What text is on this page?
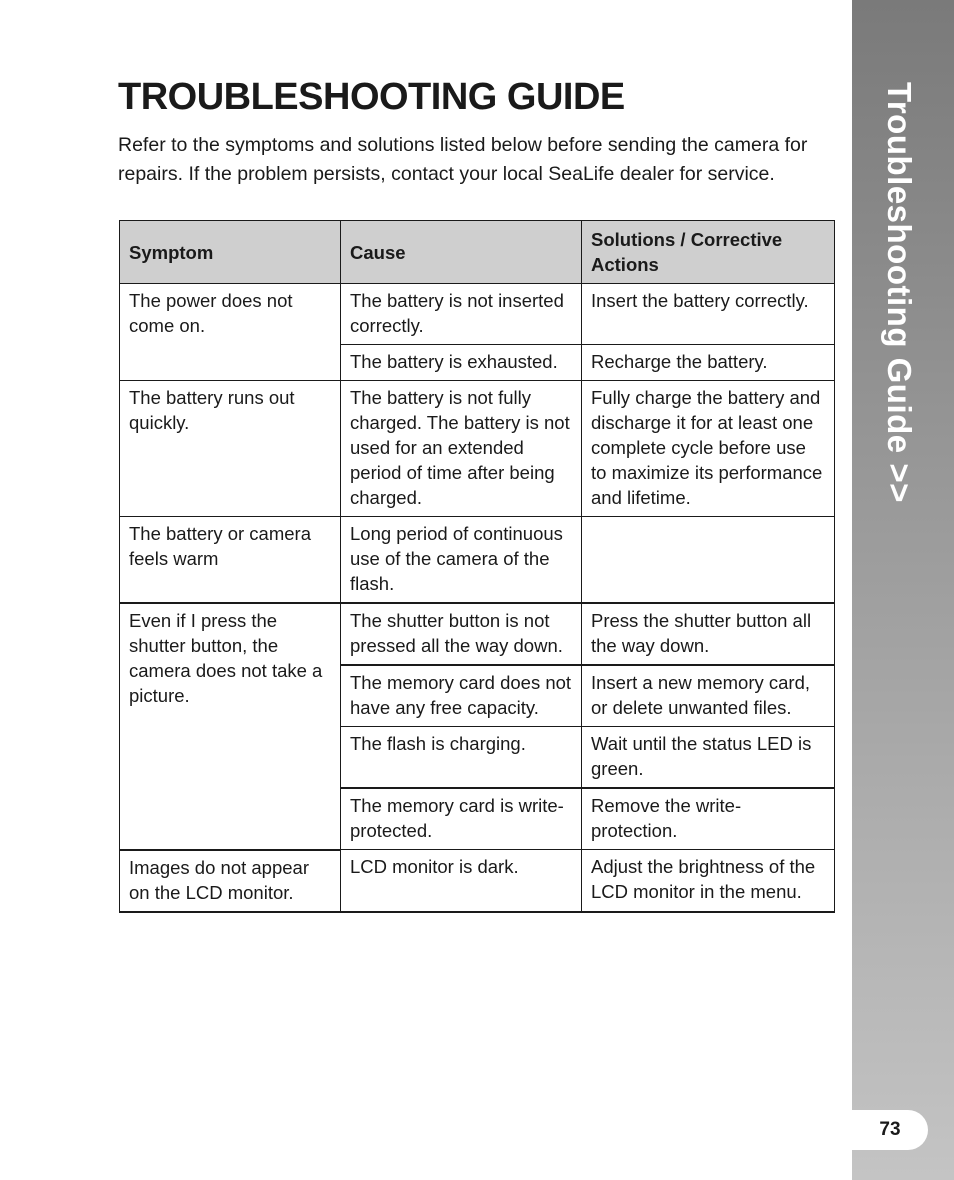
Troubleshooting Guide >>
73
TROUBLESHOOTING GUIDE

Refer to the symptoms and solutions listed below before sending the camera for repairs. If the problem persists, contact your local SeaLife dealer for service.

Symptom	Cause	Solutions / Corrective Actions
The power does not come on.	The battery is not inserted correctly.	Insert the battery correctly.
	The battery is exhausted.	Recharge the battery.
The battery runs out quickly.	The battery is not fully charged. The battery is not used for an extended period of time after being charged.	Fully charge the battery and discharge it for at least one complete cycle before use to maximize its performance and lifetime.
The battery or camera feels warm	Long period of continuous use of the camera of the flash.	
Even if I press the shutter button, the camera does not take a picture.	The shutter button is not pressed all the way down.	Press the shutter button all the way down.
	The memory card does not have any free capacity.	Insert a new memory card, or delete unwanted files.
	The flash is charging.	Wait until the status LED is green.
	The memory card is write-protected.	Remove the write-protection.
Images do not appear on the LCD monitor.	LCD monitor is dark.	Adjust the brightness of the LCD monitor in the menu.
